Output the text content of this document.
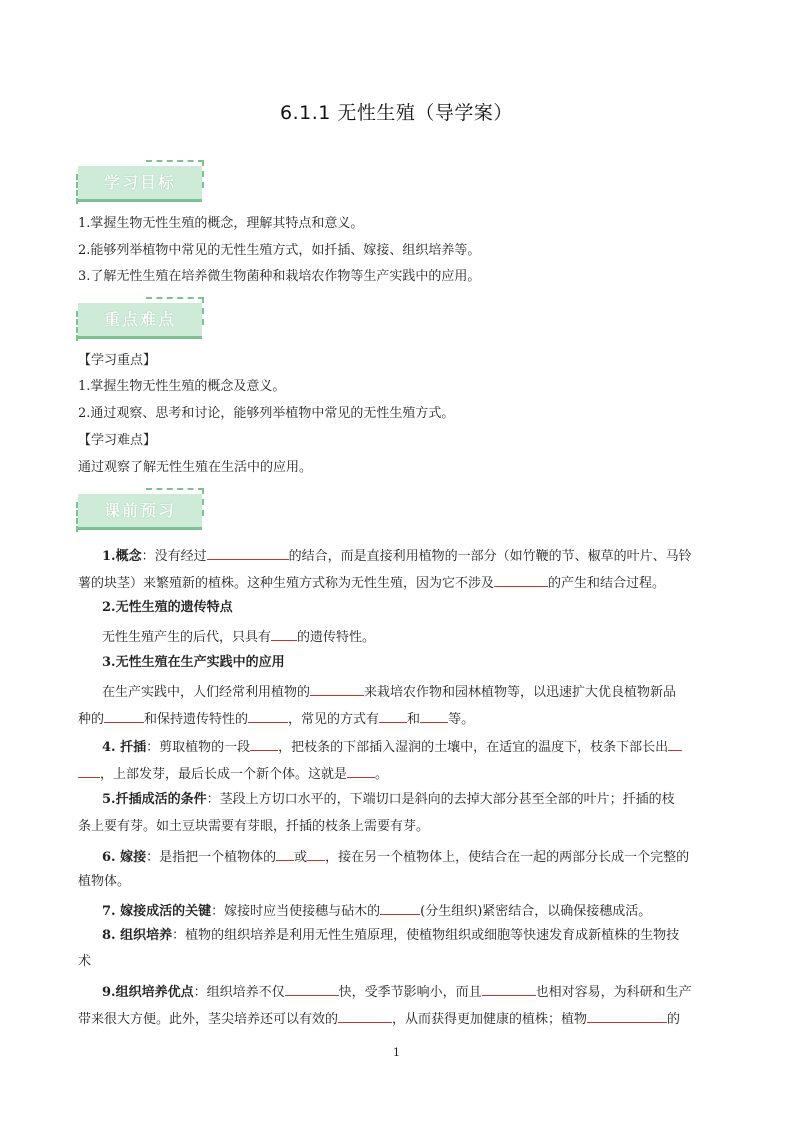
6.1.1 无性生殖（导学案）
学习目标
1.掌握生物无性生殖的概念，理解其特点和意义。
2.能够列举植物中常见的无性生殖方式，如扦插、嫁接、组织培养等。
3.了解无性生殖在培养微生物菌种和栽培农作物等生产实践中的应用。
重点难点
【学习重点】
1.掌握生物无性生殖的概念及意义。
2.通过观察、思考和讨论，能够列举植物中常见的无性生殖方式。
【学习难点】
通过观察了解无性生殖在生活中的应用。
课前预习
1.概念：没有经过	的结合，而是直接利用植物的一部分（如竹鞭的节、椒草的叶片、马铃
薯的块茎）来繁殖新的植株。这种生殖方式称为无性生殖，因为它不涉及	的产生和结合过程。
2.无性生殖的遗传特点
无性生殖产生的后代，只具有 的遗传特性。
3.无性生殖在生产实践中的应用
在生产实践中，人们经常利用植物的	来栽培农作物和园林植物等，以迅速扩大优良植物新品
种的	和保持遗传特性的	，常见的方式有 和 等。
4. 扦插：剪取植物的一段 ，把枝条的下部插入湿润的土壤中，在适宜的温度下，枝条下部长出
，上部发芽，最后长成一个新个体。这就是 。
5.扦插成活的条件：茎段上方切口水平的，下端切口是斜向的去掉大部分甚至全部的叶片；扦插的枝
条上要有芽。如土豆块需要有芽眼，扦插的枝条上需要有芽。
6. 嫁接：是指把一个植物体的 或 ，接在另一个植物体上，使结合在一起的两部分长成一个完整的
植物体。
7. 嫁接成活的关键：嫁接时应当使接穗与砧木的	(分生组织)紧密结合，以确保接穗成活。
8. 组织培养：植物的组织培养是利用无性生殖原理，使植物组织或细胞等快速发育成新植株的生物技
术
9.组织培养优点：组织培养不仅	快，受季节影响小，而且	也相对容易，为科研和生产
带来很大方便。此外，茎尖培养还可以有效的	，从而获得更加健康的植株；植物	的
1
